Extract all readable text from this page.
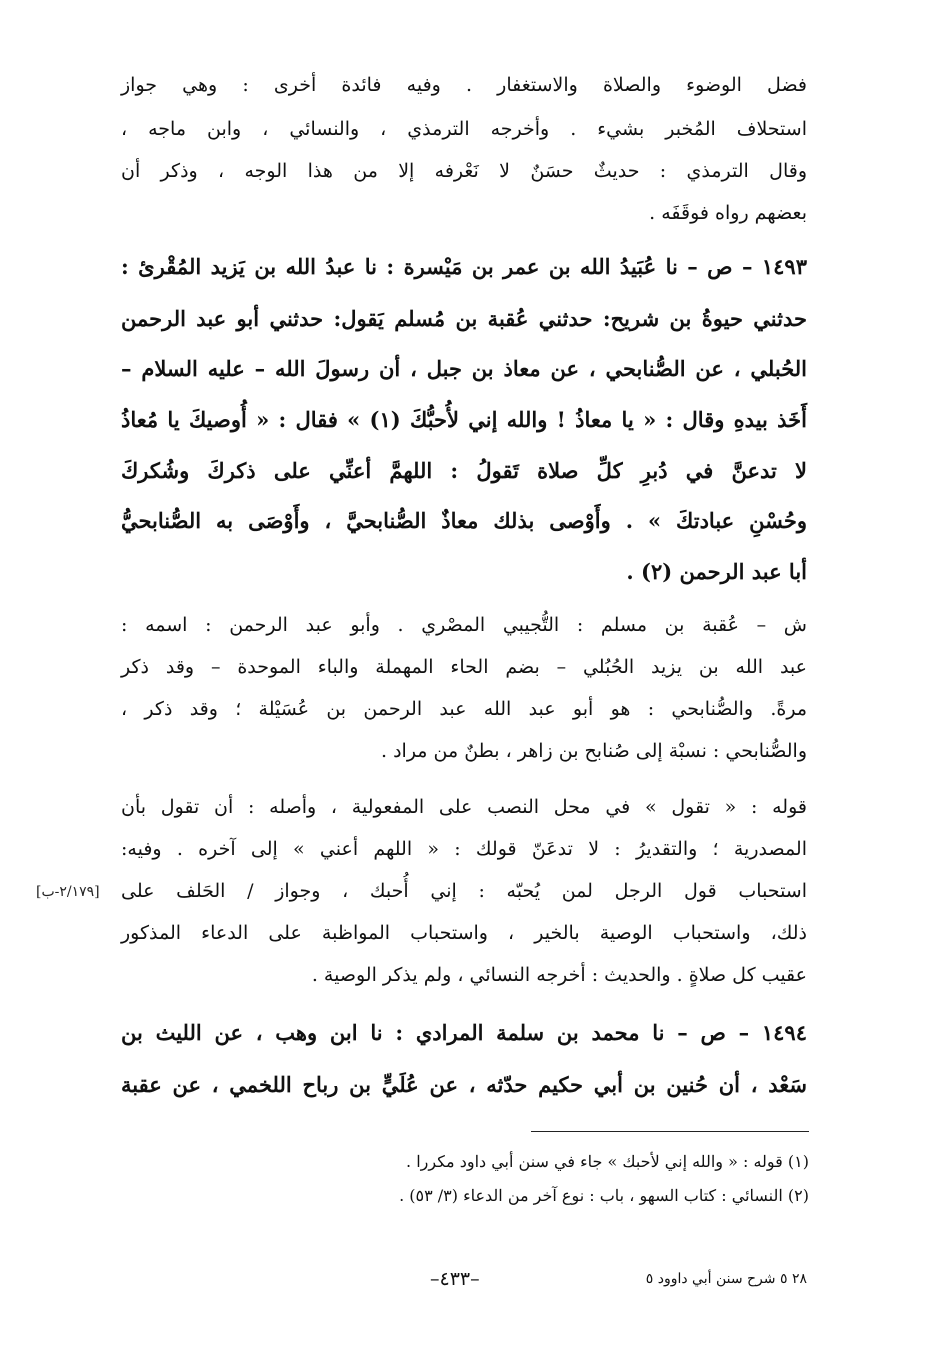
فضل الوضوء والصلاة والاستغفار . وفيه فائدة أخرى : وهي جواز
استحلاف المُخبر بشيء . وأخرجه الترمذي ، والنسائي ، وابن ماجه ،
وقال الترمذي : حديثٌ حسَنٌ لا نَعْرفه إلا من هذا الوجه ، وذكر أن
بعضهم رواه فوقَفَه .
١٤٩٣ – ص – نا عُبَيدُ الله بن عمر بن مَيْسرة : نا عبدُ الله بن يَزيد المُقْرئ :
حدثني حيوةُ بن شريح: حدثني عُقبة بن مُسلم يَقول: حدثني أبو عبد الرحمن
الحُبلي ، عن الصُّنابحي ، عن معاذ بن جبل ، أن رسولَ الله – عليه السلام –
أَخَذ بيدهِ وقال : « يا معاذُ ! والله إني لأُحبُّكَ (١) » فقال : « أُوصيكَ يا مُعاذُ
لا تدعنَّ في دُبرِ كلِّ صلاة تَقولُ : اللهمَّ أعنِّي على ذكركَ وشُكركَ
وحُسْنِ عبادتكَ » . وأَوْصى بذلك معاذٌ الصُّنابحيَّ ، وأَوْصَى به الصُّنابحيُّ
أبا عبد الرحمن (٢) .
ش – عُقبة بن مسلم : التُّجيبي المصْري . وأبو عبد الرحمن : اسمه :
عبد الله بن يزيد الحُبُلي – بضم الحاء المهملة والباء الموحدة – وقد ذكر
مرةً. والصُّنابحي : هو أبو عبد الله عبد الرحمن بن عُسَيْلة ؛ وقد ذكر ،
والصُّنابحي : نسبْة إلى صُنابح بن زاهر ، بطنٌ من مراد .
قوله : « تقول » في محل النصب على المفعولية ، وأصله : أن تقول بأن
المصدرية ؛ والتقديرُ : لا تدعَنّ قولك : « اللهم أعني » إلى آخره . وفيه:
استحباب قول الرجل لمن يُحبّه : إني أُحبك ، وجواز / الحَلف على
ذلك، واستحباب الوصية بالخير ، واستحباب المواظبة على الدعاء المذكور
عقيب كل صلاةٍ . والحديث : أخرجه النسائي ، ولم يذكر الوصية .
١٤٩٤ – ص – نا محمد بن سلمة المرادي : نا ابن وهب ، عن الليث بن
سَعْد ، أن حُنين بن أبي حكيم حدّثه ، عن عُلَيٍّ بن رباح اللخمي ، عن عقبة
[٢/١٧٩-ب]
(١) قوله : « والله إني لأحبك » جاء في سنن أبي داود مكررا .
(٢) النسائي : كتاب السهو ، باب : نوع آخر من الدعاء (٣/ ٥٣) .
٢٨ ٥ شرح سنن أبي داوود ٥
–٤٣٣–
